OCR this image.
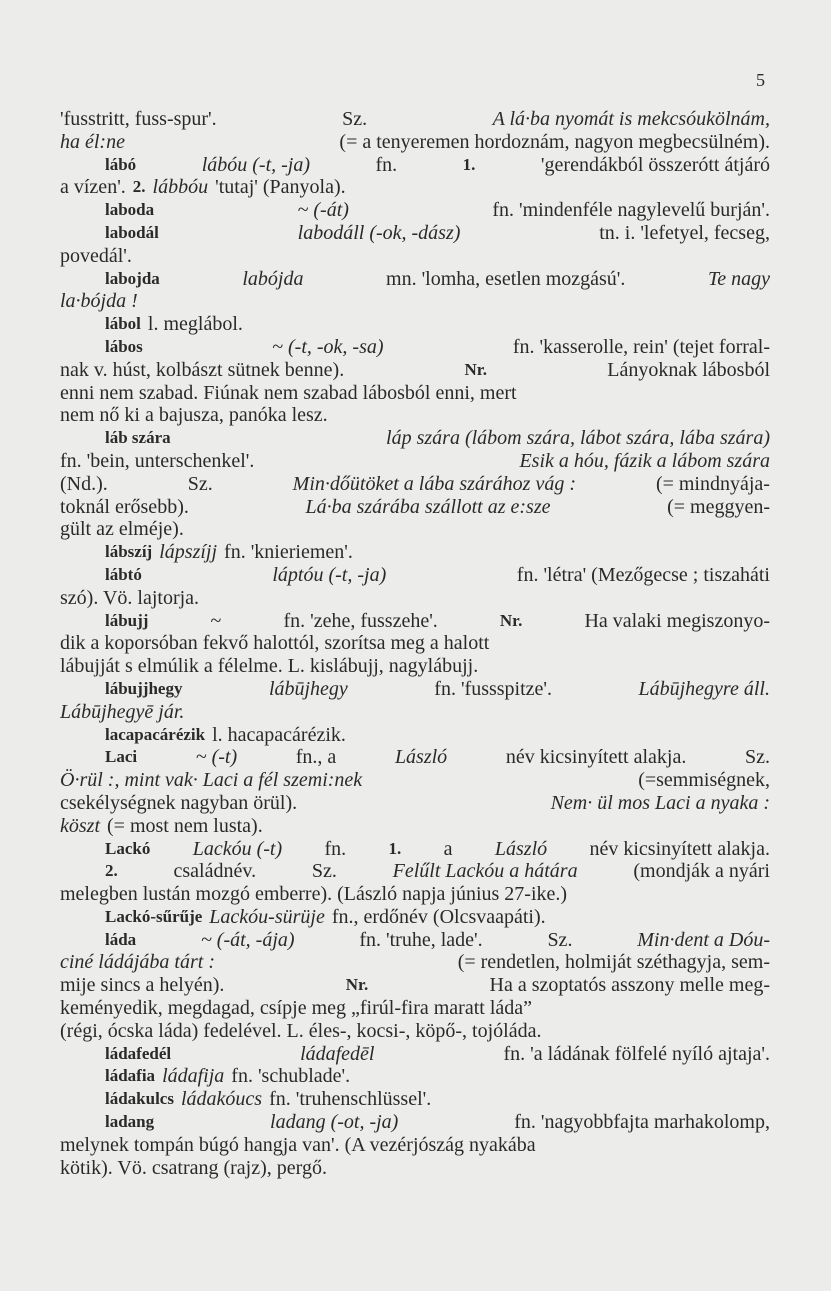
5
'fusstritt, fuss-spur'.	Sz.	A lá·ba nyomát is mekcsóukölnám,
ha él:ne	(= a tenyeremen hordoznám, nagyon megbecsülném).
lábó	lábóu (-t, -ja)	fn.	1.	'gerendákból összerótt átjáró
a vízen'. 2. lábbóu 'tutaj' (Panyola).
laboda	~ (-át)	fn. 'mindenféle nagylevelű burján'.
labodál	labodáll (-ok, -dász)	tn. i. 'lefetyel, fecseg,
povedál'.
labojda	labójda	mn. 'lomha, esetlen mozgású'.	Te nagy
la·bójda !
lábol l. meglábol.
lábos	~ (-t, -ok, -sa)	fn. 'kasserolle, rein' (tejet forral-
nak v. húst, kolbászt sütnek benne).	Nr.	Lányoknak lábosból
enni nem szabad. Fiúnak nem szabad lábosból enni, mert
nem nő ki a bajusza, panóka lesz.
láb szára	láp szára (lábom szára, lábot szára, lába szára)
fn. 'bein, unterschenkel'.	Esik a hóu, fázik a lábom szára
(Nd.).	Sz.	Min·dőütöket a lába szárához vág :	(= mindnyája-
toknál erősebb).	Lá·ba szárába szállott az e:sze	(= meggyen-
gült az elméje).
lábszíj lápszíjj fn. 'knieriemen'.
lábtó	láptóu (-t, -ja)	fn. 'létra' (Mezőgecse ; tiszaháti
szó). Vö. lajtorja.
lábujj	~	fn. 'zehe, fusszehe'.	Nr.	Ha valaki megiszonyo-
dik a koporsóban fekvő halottól, szorítsa meg a halott
lábujját s elmúlik a félelme. L. kislábujj, nagylábujj.
lábujjhegy	lábūjhegy	fn. 'fussspitze'.	Lábūjhegyre áll.
Lábūjhegyē jár.
lacapacárézik l. hacapacárézik.
Laci	~ (-t)	fn., a	László	név kicsinyített alakja.	Sz.
Ö·rül :, mint vak· Laci a fél szemi:nek	(=semmiségnek,
csekélységnek nagyban örül).	Nem· ül mos Laci a nyaka :
köszt (= most nem lusta).
Lackó Lackóu (-t) fn. 1. a László név kicsinyített alakja.
2.	családnév.	Sz.	Felűlt Lackóu a hátára	(mondják a nyári
melegben lustán mozgó emberre). (László napja június 27-ike.)
Lackó-sűrűje Lackóu-sürüje fn., erdőnév (Olcsvaapáti).
láda	~ (-át, -ája)	fn. 'truhe, lade'.	Sz.	Min·dent a Dóu-
ciné ládájába tárt :	(= rendetlen, holmiját széthagyja, sem-
mije sincs a helyén).	Nr.	Ha a szoptatós asszony melle meg-
keményedik, megdagad, csípje meg „firúl-fira maratt láda”
(régi, ócska láda) fedelével. L. éles-, kocsi-, köpő-, tojóláda.
ládafedél	ládafedēl	fn. 'a ládának fölfelé nyíló ajtaja'.
ládafia ládafija fn. 'schublade'.
ládakulcs ládakóucs fn. 'truhenschlüssel'.
ladang	ladang (-ot, -ja)	fn. 'nagyobbfajta marhakolomp,
melynek tompán búgó hangja van'. (A vezérjószág nyakába
kötik). Vö. csatrang (rajz), pergő.
